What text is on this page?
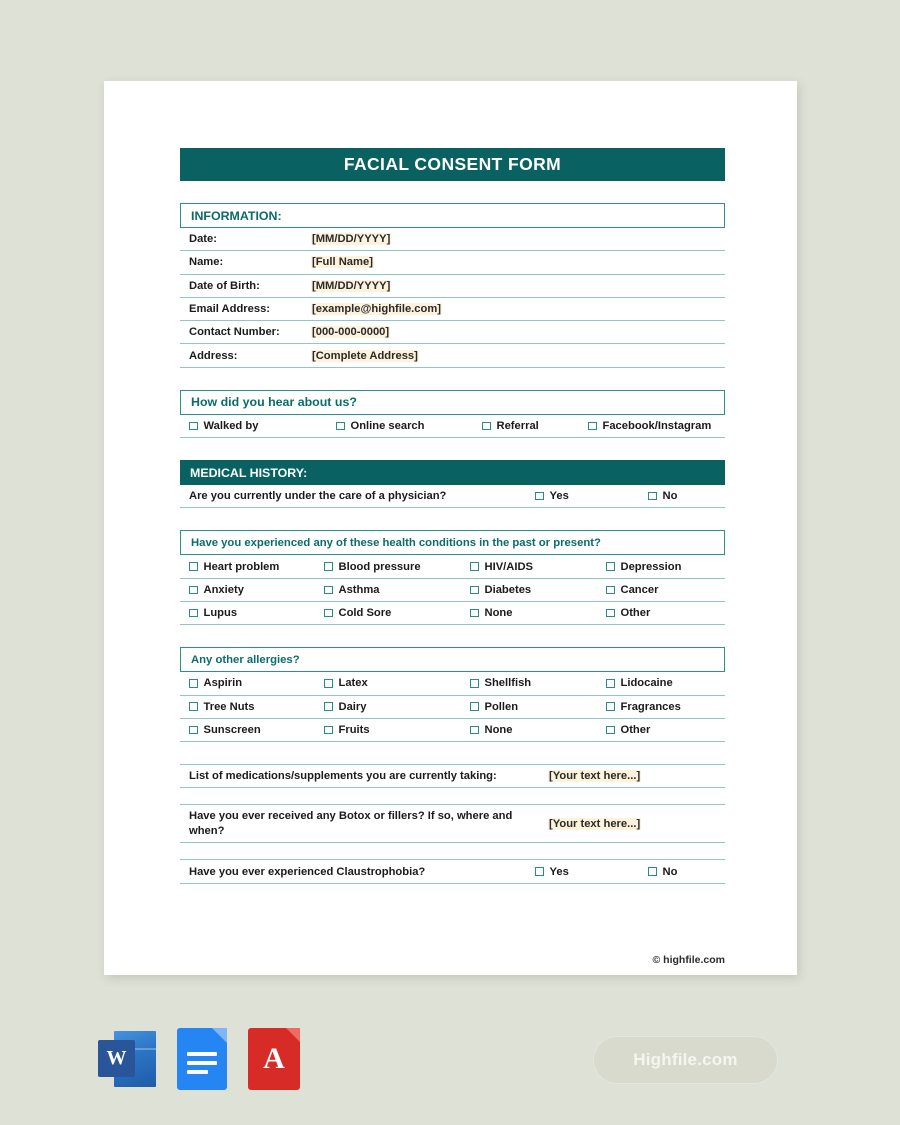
FACIAL CONSENT FORM
INFORMATION:
Date:	[MM/DD/YYYY]
Name:	[Full Name]
Date of Birth:	[MM/DD/YYYY]
Email Address:	[example@highfile.com]
Contact Number:	[000-000-0000]
Address:	[Complete Address]
How did you hear about us?
Walked by	Online search	Referral	Facebook/Instagram
MEDICAL HISTORY:
Are you currently under the care of a physician?	Yes	No
Have you experienced any of these health conditions in the past or present?
Heart problem	Blood pressure	HIV/AIDS	Depression
Anxiety	Asthma	Diabetes	Cancer
Lupus	Cold Sore	None	Other
Any other allergies?
Aspirin	Latex	Shellfish	Lidocaine
Tree Nuts	Dairy	Pollen	Fragrances
Sunscreen	Fruits	None	Other
List of medications/supplements you are currently taking:	[Your text here...]
Have you ever received any Botox or fillers? If so, where and when?
[Your text here...]
Have you ever experienced Claustrophobia?	Yes	No
© highfile.com
W	A	Highfile.com
